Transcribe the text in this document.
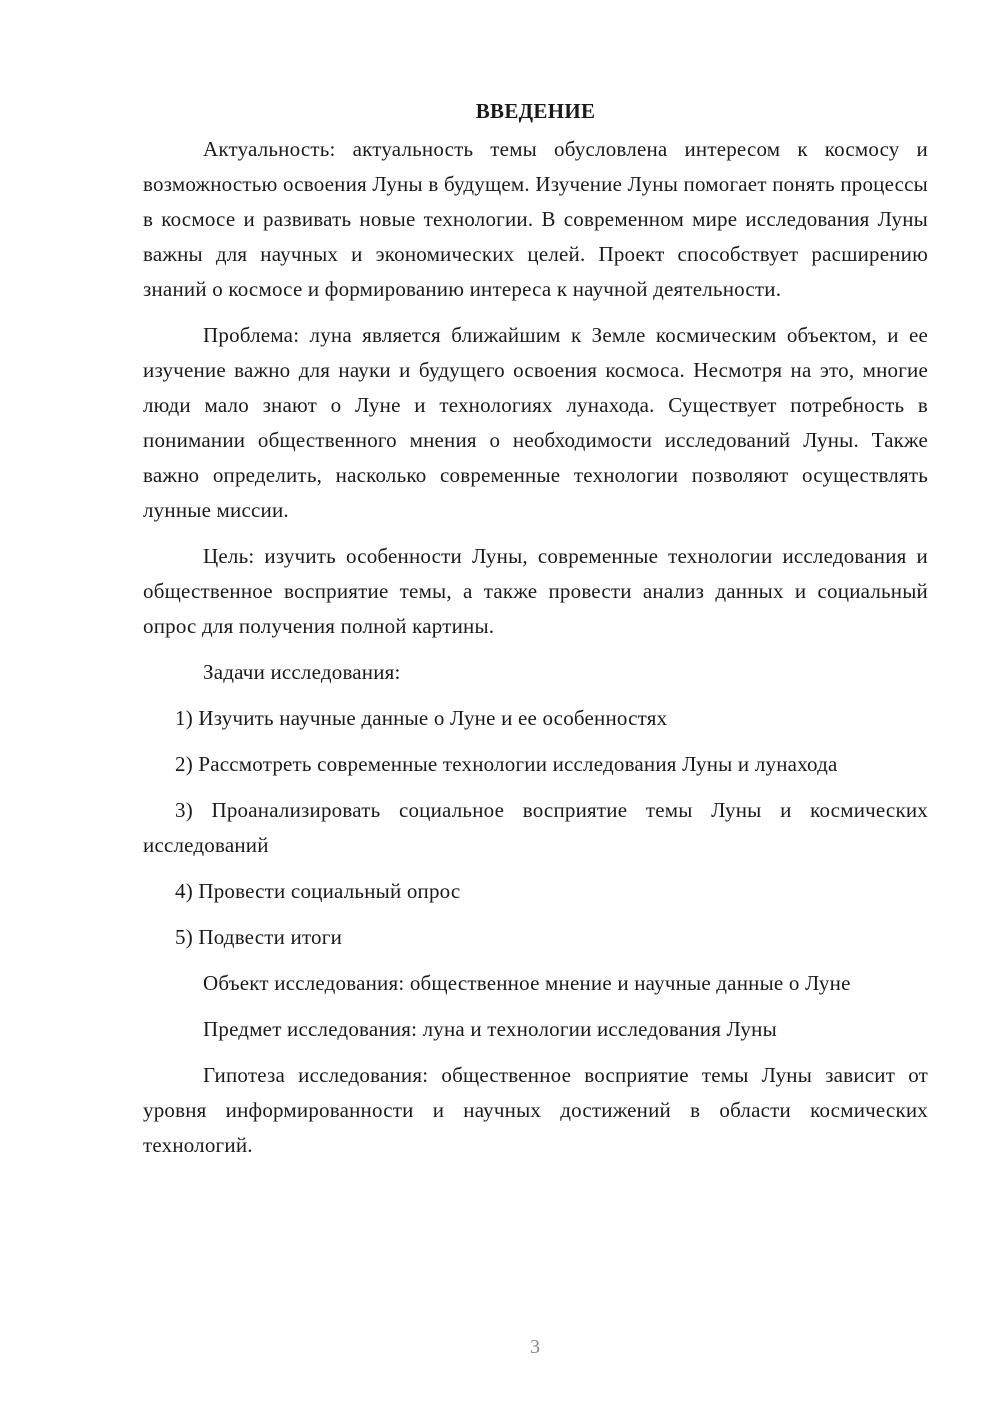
ВВЕДЕНИЕ

Актуальность: актуальность темы обусловлена интересом к космосу и возможностью освоения Луны в будущем. Изучение Луны помогает понять процессы в космосе и развивать новые технологии. В современном мире исследования Луны важны для научных и экономических целей. Проект способствует расширению знаний о космосе и формированию интереса к научной деятельности.

Проблема: луна является ближайшим к Земле космическим объектом, и ее изучение важно для науки и будущего освоения космоса. Несмотря на это, многие люди мало знают о Луне и технологиях лунахода. Существует потребность в понимании общественного мнения о необходимости исследований Луны. Также важно определить, насколько современные технологии позволяют осуществлять лунные миссии.

Цель: изучить особенности Луны, современные технологии исследования и общественное восприятие темы, а также провести анализ данных и социальный опрос для получения полной картины.

Задачи исследования:

1) Изучить научные данные о Луне и ее особенностях

2) Рассмотреть современные технологии исследования Луны и лунахода

3) Проанализировать социальное восприятие темы Луны и космических исследований

4) Провести социальный опрос

5) Подвести итоги

Объект исследования: общественное мнение и научные данные о Луне

Предмет исследования: луна и технологии исследования Луны

Гипотеза исследования: общественное восприятие темы Луны зависит от уровня информированности и научных достижений в области космических технологий.

3
